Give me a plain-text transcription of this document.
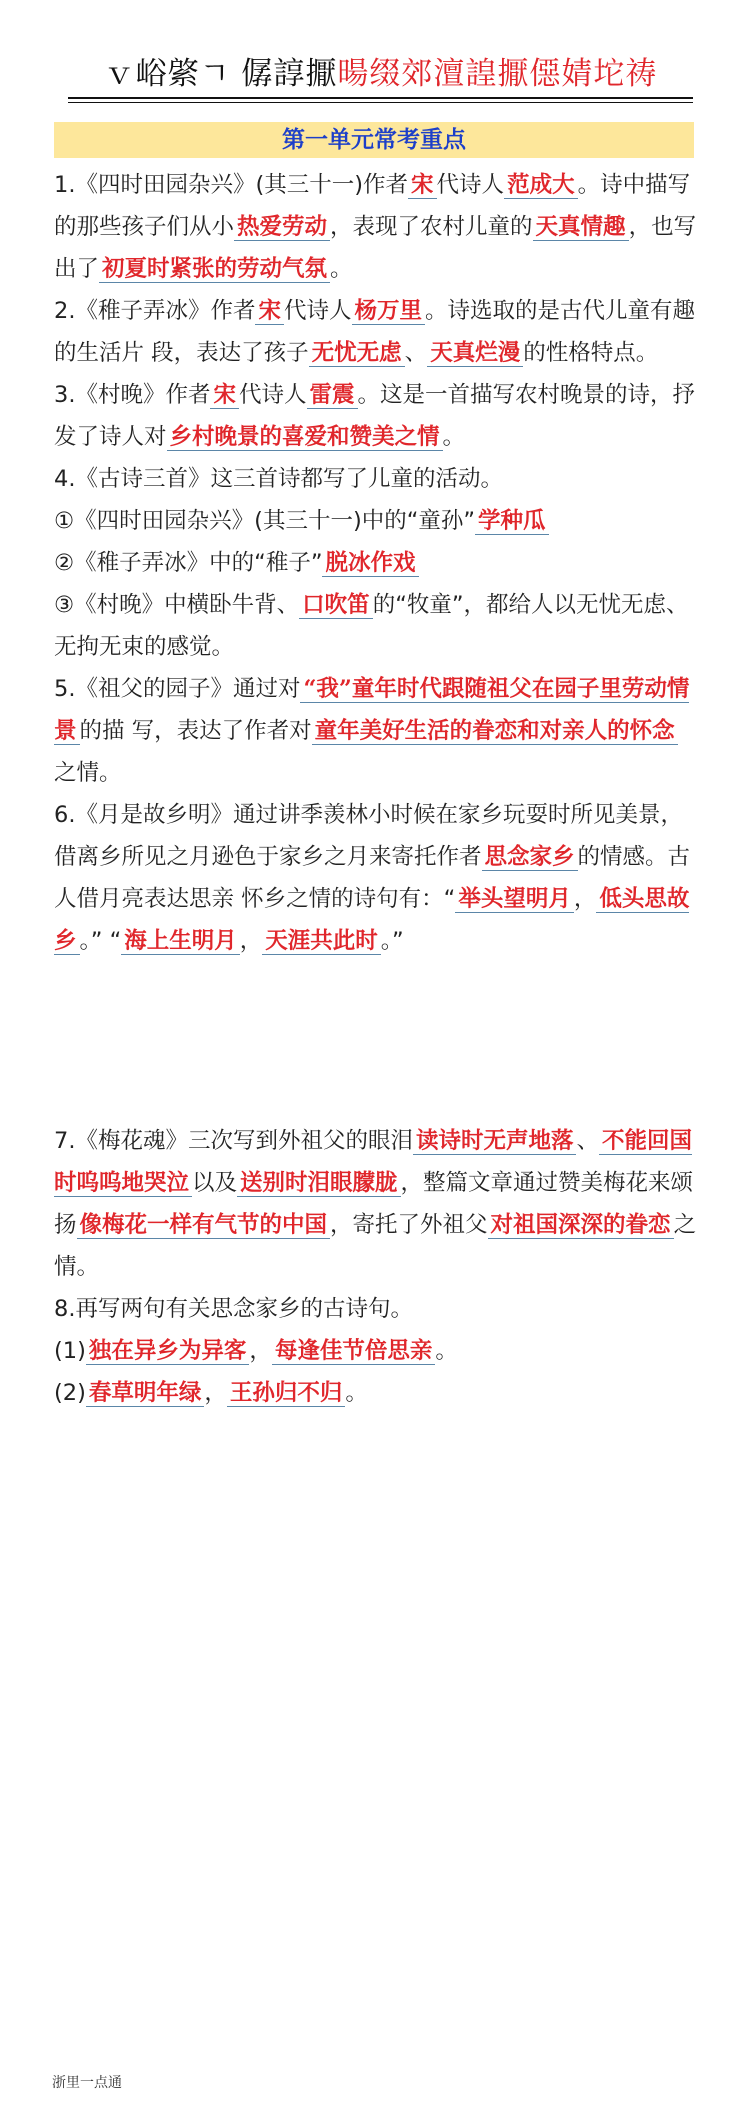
ｖ峪綮ㄱ 僝諄擫暘缀郊澶諻擫僫婧坨祷
第一单元常考重点

1.《四时田园杂兴》(其三十一)作者 宋 代诗人 范成大 。诗中描写的那些孩子们从小 热爱劳动 ，表现了农村儿童的 天真情趣 ，也写出了 初夏时紧张的劳动气氛 。

2.《稚子弄冰》作者 宋 代诗人 杨万里 。诗选取的是古代儿童有趣的生活片 段，表达了孩子 无忧无虑 、 天真烂漫 的性格特点。

3.《村晚》作者 宋 代诗人 雷震 。这是一首描写农村晚景的诗，抒发了诗人对 乡村晚景的喜爱和赞美之情 。

4.《古诗三首》这三首诗都写了儿童的活动。

①《四时田园杂兴》(其三十一)中的“童孙” 学种瓜

②《稚子弄冰》中的“稚子” 脱冰作戏

③《村晚》中横卧牛背、 口吹笛 的“牧童”，都给人以无忧无虑、无拘无束的感觉。

5.《祖父的园子》通过对 “我”童年时代跟随祖父在园子里劳动情景 的描 写，表达了作者对 童年美好生活的眷恋和对亲人的怀念之情。

6.《月是故乡明》通过讲季羡林小时候在家乡玩耍时所见美景，借离乡所见之月逊色于家乡之月来寄托作者 思念家乡 的情感。古人借月亮表达思亲 怀乡之情的诗句有：“ 举头望明月 ， 低头思故乡 。” “ 海上生明月 ， 天涯共此时 。”

7.《梅花魂》三次写到外祖父的眼泪 读诗时无声地落 、 不能回国时呜呜地哭泣 以及 送别时泪眼朦胧 ，整篇文章通过赞美梅花来颂扬 像梅花一样有气节的中国 ，寄托了外祖父 对祖国深深的眷恋 之情。

8.再写两句有关思念家乡的古诗句。

(1) 独在异乡为异客 ， 每逢佳节倍思亲 。

(2) 春草明年绿 ， 王孙归不归 。

浙里一点通
